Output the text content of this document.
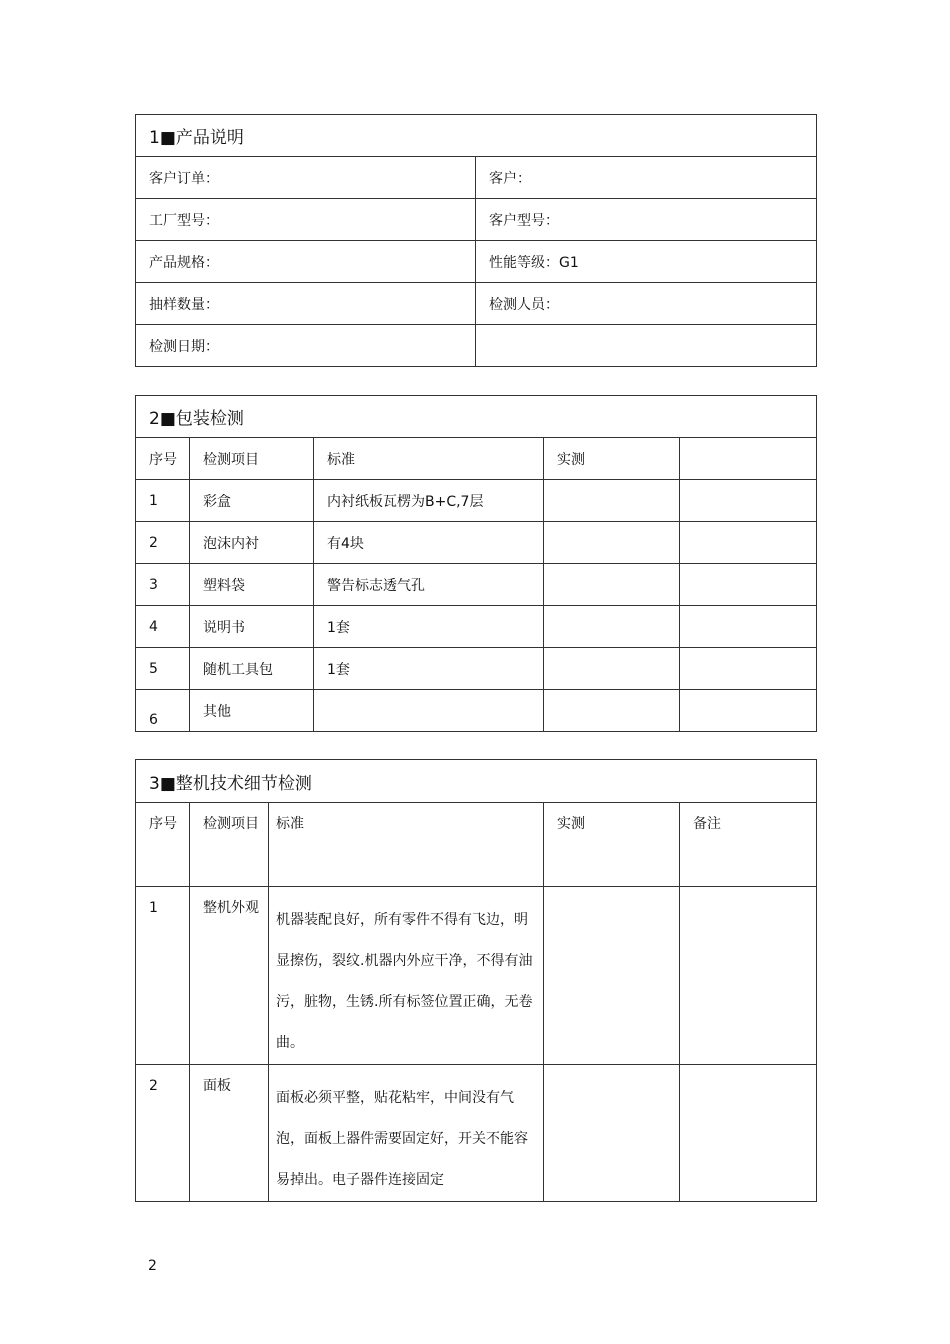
1■产品说明	
客户订单：	客户：
工厂型号：	客户型号：
产品规格：	性能等级：G1
抽样数量：	检测人员：
检测日期：	
2■包装检测				
序号	检测项目	标准	实测	
1	彩盒	内衬纸板瓦楞为B+C,7层		
2	泡沫内衬	有4块		
3	塑料袋	警告标志透气孔		
4	说明书	1套		
5	随机工具包	1套		
6	其他			
3■整机技术细节检测				

序号	检测项目	标准	实测	备注

1	整机外观	机器装配良好，所有零件不得有飞边，明显擦伤，裂纹.机器内外应干净，不得有油污，脏物，生锈.所有标签位置正确，无卷曲。		

2	面板	面板必须平整，贴花粘牢，中间没有气泡，面板上器件需要固定好，开关不能容易掉出。电子器件连接固定		

2
